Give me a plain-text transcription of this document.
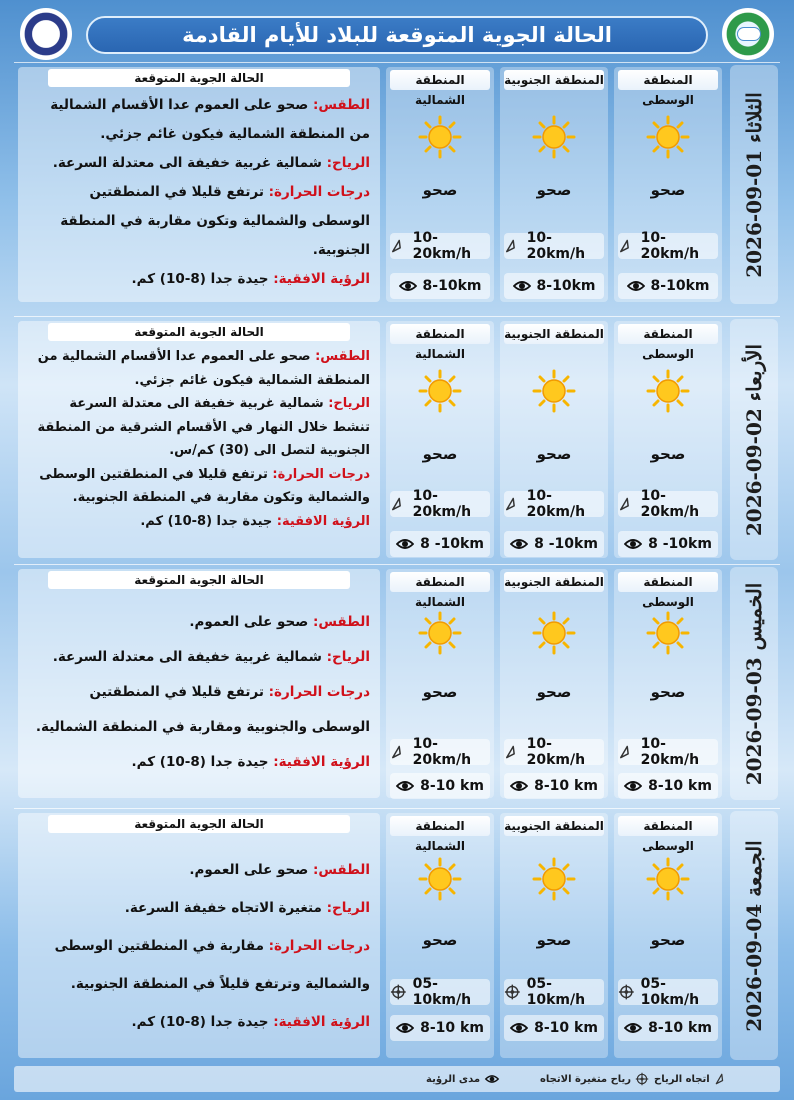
الحالة الجوية المتوقعة للبلاد للأيام القادمة
2026-09-01 الثلاثاء
المنطقة الوسطى
صحو
10-20km/h
8-10km
المنطقة الجنوبية
صحو
10-20km/h
8-10km
المنطقة الشمالية
صحو
10-20km/h
8-10km
الحالة الجوية المتوقعة

الطقس: صحو على العموم عدا الأقسام الشمالية من المنطقة الشمالية فيكون غائم جزئي.

الرياح: شمالية غربية خفيفة الى معتدلة السرعة.

درجات الحرارة: ترتفع قليلا في المنطقتين الوسطى والشمالية وتكون مقاربة في المنطقة الجنوبية.

الرؤية الافقية: جيدة جدا (8-10) كم.

2026-09-02 الأربعاء
المنطقة الوسطى
صحو
10-20km/h
8 -10km
المنطقة الجنوبية
صحو
10-20km/h
8 -10km
المنطقة الشمالية
صحو
10-20km/h
8 -10km
الحالة الجوية المتوقعة

الطقس: صحو على العموم عدا الأقسام الشمالية من المنطقة الشمالية فيكون غائم جزئي.

الرياح: شمالية غربية خفيفة الى معتدلة السرعة تنشط خلال النهار في الأقسام الشرقية من المنطقة الجنوبية لتصل الى (30) كم/س.

درجات الحرارة: ترتفع قليلا في المنطقتين الوسطى والشمالية وتكون مقاربة في المنطقة الجنوبية.

الرؤية الافقية: جيدة جدا (8-10) كم.

2026-09-03 الخميس
المنطقة الوسطى
صحو
10-20km/h
8-10 km
المنطقة الجنوبية
صحو
10-20km/h
8-10 km
المنطقة الشمالية
صحو
10-20km/h
8-10 km
الحالة الجوية المتوقعة

الطقس: صحو على العموم.

الرياح: شمالية غربية خفيفة الى معتدلة السرعة.

درجات الحرارة: ترتفع قليلا في المنطقتين الوسطى والجنوبية ومقاربة في المنطقة الشمالية.

الرؤية الافقية: جيدة جدا (8-10) كم.

2026-09-04 الجمعة
المنطقة الوسطى
صحو
05-10km/h
8-10 km
المنطقة الجنوبية
صحو
05-10km/h
8-10 km
المنطقة الشمالية
صحو
05-10km/h
8-10 km
الحالة الجوية المتوقعة

الطقس: صحو على العموم.

الرياح: متغيرة الاتجاه خفيفة السرعة.

درجات الحرارة: مقاربة في المنطقتين الوسطى والشمالية وترتفع قليلاً في المنطقة الجنوبية.

الرؤية الافقية: جيدة جدا (8-10) كم.

اتجاه الرياح
رياح متغيرة الاتجاه
مدى الرؤية
